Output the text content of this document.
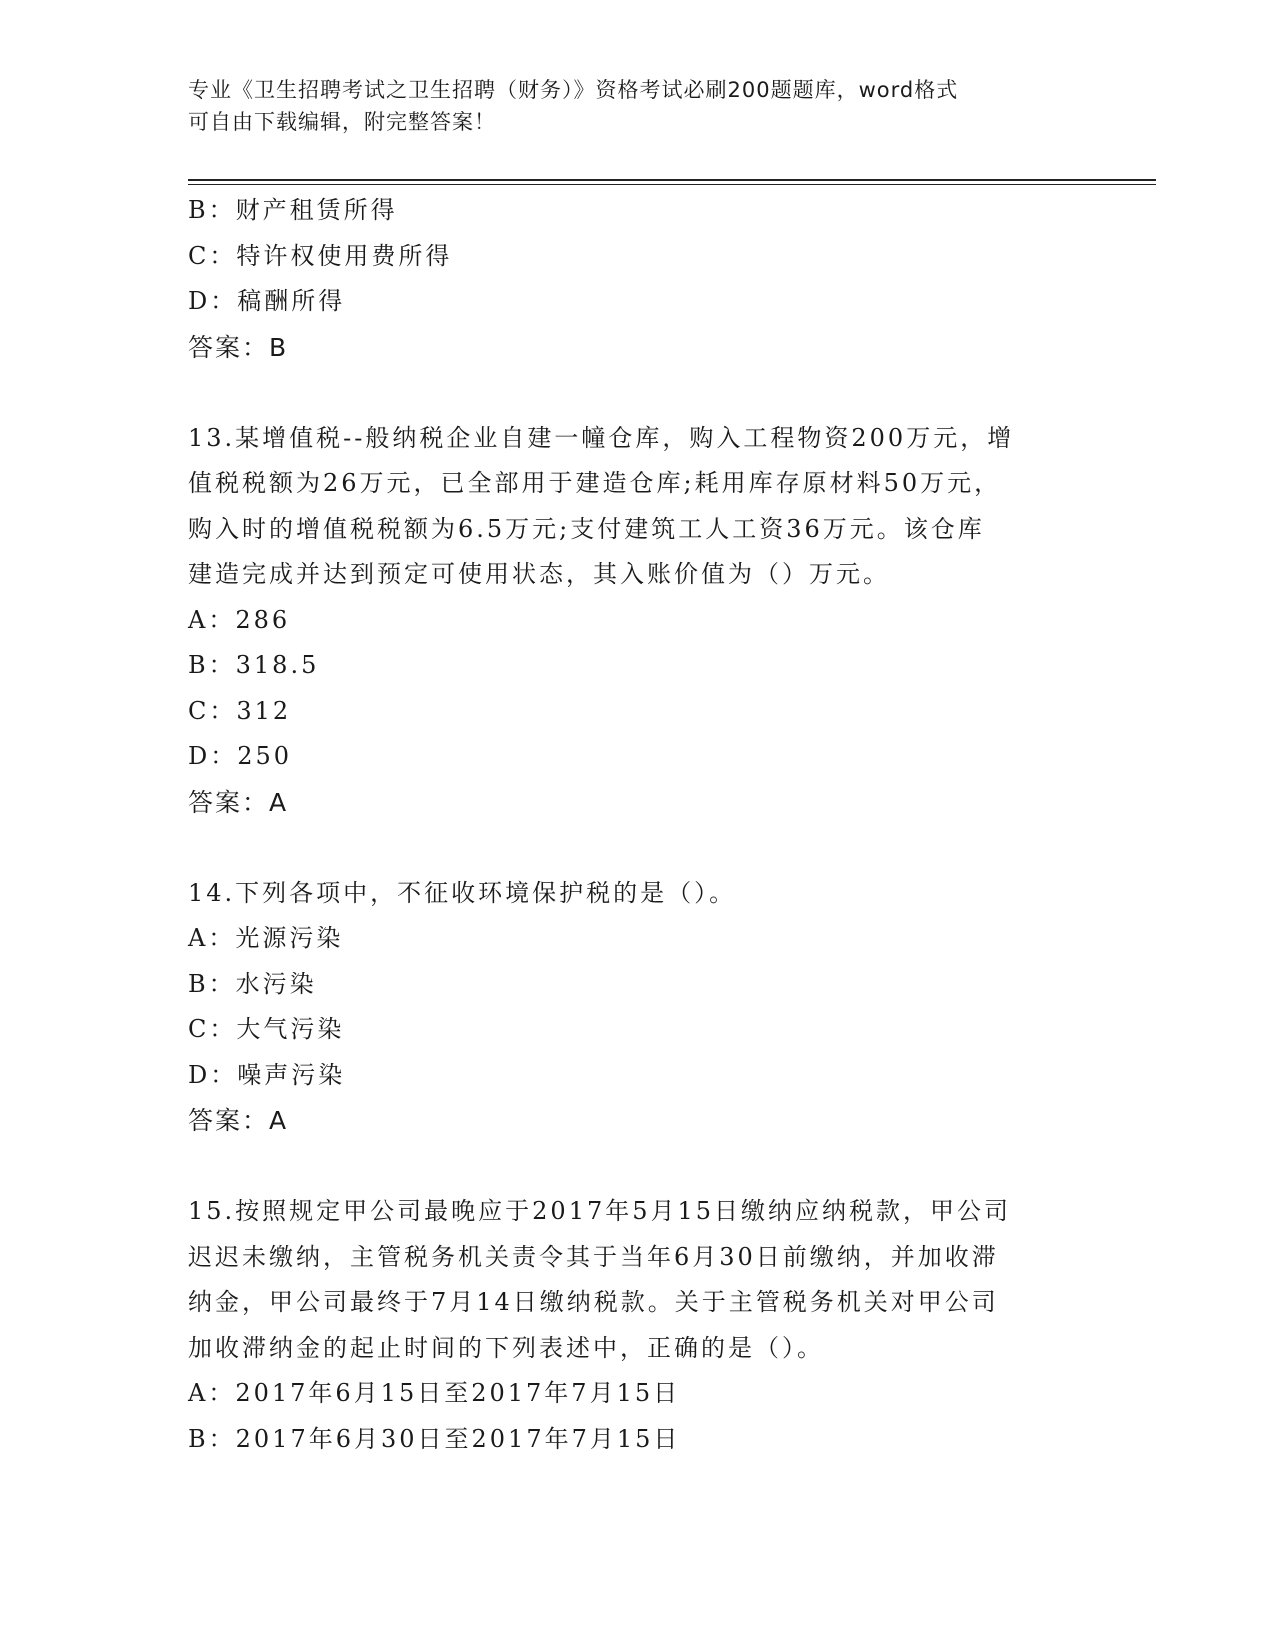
专业《卫生招聘考试之卫生招聘（财务）》资格考试必刷200题题库，word格式
可自由下载编辑，附完整答案！
B：财产租赁所得
C：特许权使用费所得
D：稿酬所得
答案：B
13.某增值税--般纳税企业自建一幢仓库，购入工程物资200万元，增
值税税额为26万元，已全部用于建造仓库;耗用库存原材料50万元，
购入时的增值税税额为6.5万元;支付建筑工人工资36万元。该仓库
建造完成并达到预定可使用状态，其入账价值为（）万元。
A：286
B：318.5
C：312
D：250
答案：A
14.下列各项中，不征收环境保护税的是（）。
A：光源污染
B：水污染
C：大气污染
D：噪声污染
答案：A
15.按照规定甲公司最晚应于2017年5月15日缴纳应纳税款，甲公司
迟迟未缴纳，主管税务机关责令其于当年6月30日前缴纳，并加收滞
纳金，甲公司最终于7月14日缴纳税款。关于主管税务机关对甲公司
加收滞纳金的起止时间的下列表述中，正确的是（）。
A：2017年6月15日至2017年7月15日
B：2017年6月30日至2017年7月15日
